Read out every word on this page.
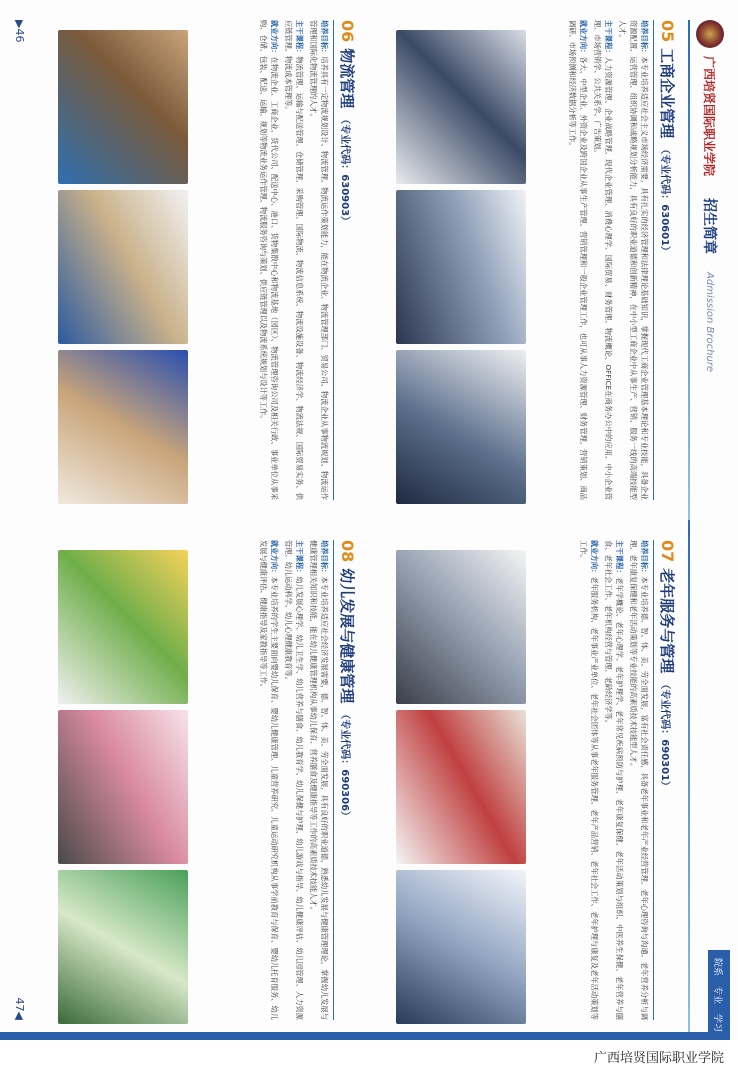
广西培贤国际职业学院
招生简章
Admission Brochure
05
工商企业管理
（专业代码：630601）

培养目标：本专业培养适应社会主义市场经济需要，具有扎实的经济管理和法律理论基础知识，掌握现代工商企业管理基本理论和专业技能，具备企业资源配置、运营管理、组织协调和战略规划分析能力，具有良好的职业道德和创新精神，在中小型工商企业中从事生产、营销、服务一线的高端技能型人才。

主干课程：人力资源管理、企业战略管理、现代企业管理、消费心理学、国际贸易、财务管理、物流概论、OFFICE在商务办公中的应用、中小企业管理、市场营销学、公共关系学、广告策划。

就业方向：各大、中型企业、外资企业及跨国企业从事生产管理、营销管理和一般企业管理工作，也可从事人力资源管理、财务管理、营销策划、商品调研、市场预测和经济数据分析等工作。

06
物流管理
（专业代码：630903）

培养目标：培养具有一定物流规划设计、物流管理、物流运作策划能力，能在物流企业、物流管理部门、贸易公司、物流企业从事物流规划、物流运作管理和国际化物流管理的人才。

主干课程：物流管理、运输与配送管理、仓储管理、采购管理、国际物流、物流信息系统、物流设施设备、物流经济学、物流法规、国际贸易实务、供应链管理、物流成本管理等。

就业方向：在物流企业、工商企业、货代公司、配送中心、港口、货物集散中心和物流基地（园区）、物流管理咨询公司及相关行政、事业单位从事采购、仓储、包装、配送、运输、规划等物流业务运作管理、物流服务咨询与策划、供应链管理以及物流系统规划与设计等工作。

▶46
院系
专业
学习
07
老年服务与管理
（专业代码：690301）

培养目标：本专业培养德、智、体、美、劳全面发展，富有社会责任感，具备老年事业和老年产业经营管理、老年心理咨询与沟通、老年营养分析与调理、老年康复保健和老年活动策划等专业技能的高素质技术技能型人才。

主干课程：老年学概论、老年心理学、老年护理学、老年常见疾病预防与护理、老年康复保健、老年活动策划与组织、中医养生保健、老年营养与膳食、老年社会工作、老年机构经营与管理、老龄经济学等。

就业方向：老年服务机构、老年事业产业单位、老年社会团体等从事老年服务管理、老年产品营销、老年社会工作、老年护理与康复及老年活动策划等工作。

08
幼儿发展与健康管理
（专业代码：690306）

培养目标：本专业培养适应社会经济发展需要，德、智、体、美、劳全面发展，具有良好的职业道德，熟悉幼儿发展与健康管理理论，掌握幼儿发展与健康管理相关知识和技能，能在幼儿健康管理机构从事幼儿保育、营养膳食及健康指导等工作的高素质技术技能人才。

主干课程：幼儿发展心理学、幼儿卫生学、幼儿营养与膳食、幼儿教育学、幼儿保健与护理、幼儿游戏与指导、幼儿健康评估、幼儿园管理、人力资源管理、幼儿运动科学、幼儿心理健康教育等。

就业方向：本专业培养的学生主要面向婴幼儿保育、婴幼儿健康管理、儿童营养研究、儿童运动研究机构从事学前教育与保育、婴幼儿托育服务、幼儿发展与健康评估、健康指导及家教指导等工作。

47◀
广西培贤国际职业学院
